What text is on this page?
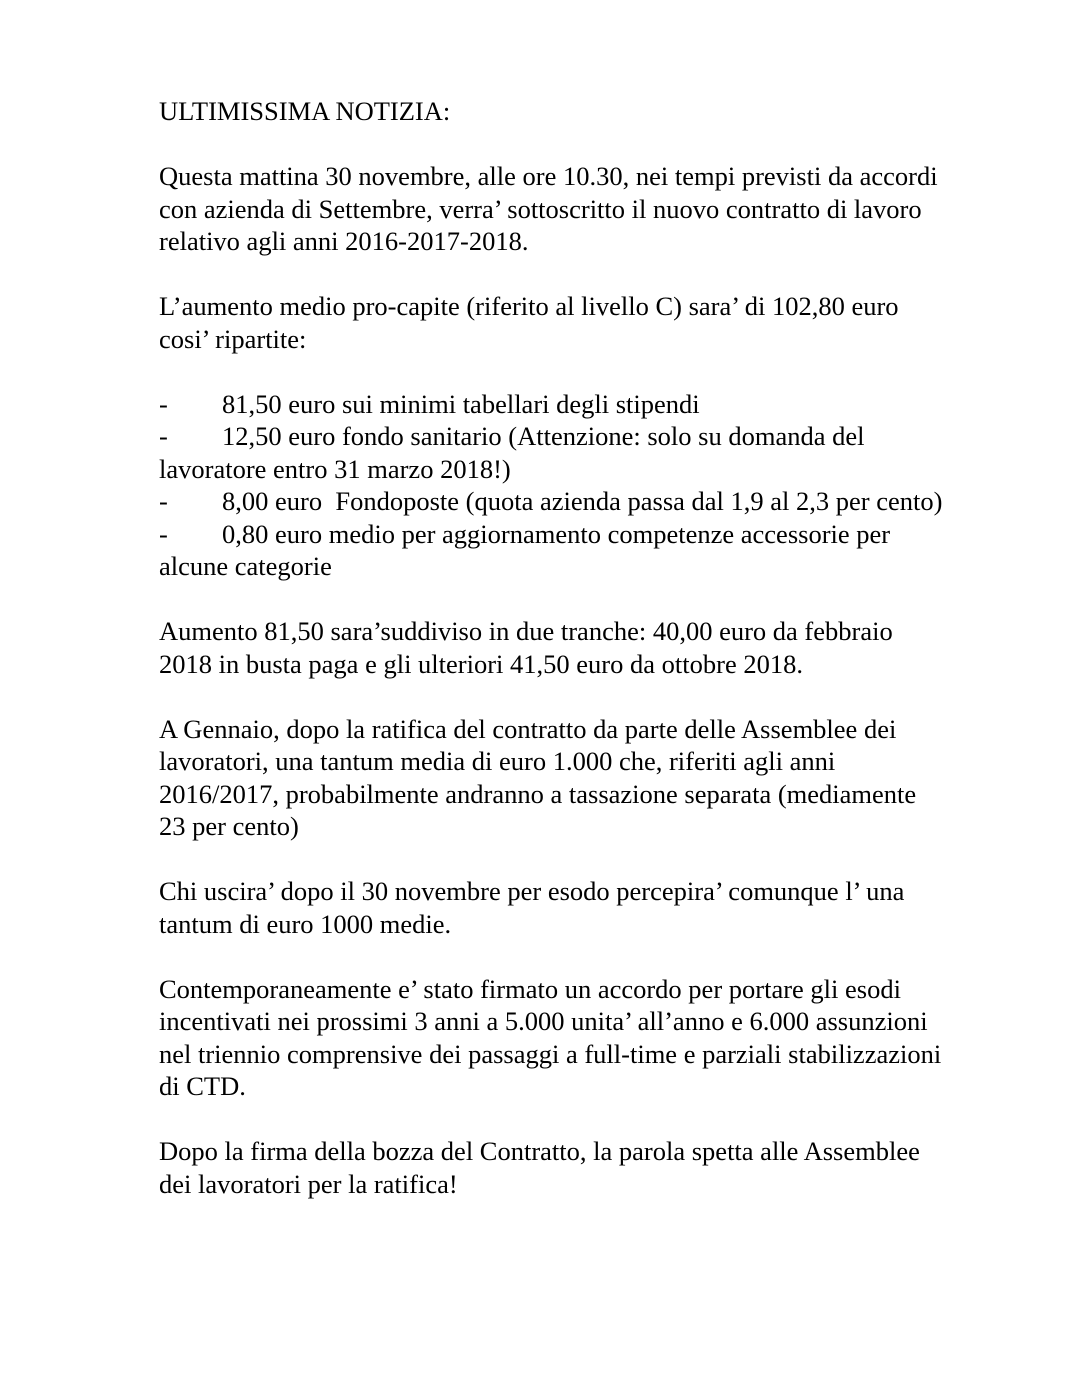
ULTIMISSIMA NOTIZIA:
Questa mattina 30 novembre, alle ore 10.30, nei tempi previsti da accordi
con azienda di Settembre, verra’ sottoscritto il nuovo contratto di lavoro
relativo agli anni 2016-2017-2018.
L’aumento medio pro-capite (riferito al livello C) sara’ di 102,80 euro
cosi’ ripartite:
-	81,50 euro sui minimi tabellari degli stipendi
-	12,50 euro fondo sanitario (Attenzione: solo su domanda del
lavoratore entro 31 marzo 2018!)
-	8,00 euro  Fondoposte (quota azienda passa dal 1,9 al 2,3 per cento)
-	0,80 euro medio per aggiornamento competenze accessorie per
alcune categorie
Aumento 81,50 sara’suddiviso in due tranche: 40,00 euro da febbraio
2018 in busta paga e gli ulteriori 41,50 euro da ottobre 2018.
A Gennaio, dopo la ratifica del contratto da parte delle Assemblee dei
lavoratori, una tantum media di euro 1.000 che, riferiti agli anni
2016/2017, probabilmente andranno a tassazione separata (mediamente
23 per cento)
Chi uscira’ dopo il 30 novembre per esodo percepira’ comunque l’ una
tantum di euro 1000 medie.
Contemporaneamente e’ stato firmato un accordo per portare gli esodi
incentivati nei prossimi 3 anni a 5.000 unita’ all’anno e 6.000 assunzioni
nel triennio comprensive dei passaggi a full-time e parziali stabilizzazioni
di CTD.
Dopo la firma della bozza del Contratto, la parola spetta alle Assemblee
dei lavoratori per la ratifica!
